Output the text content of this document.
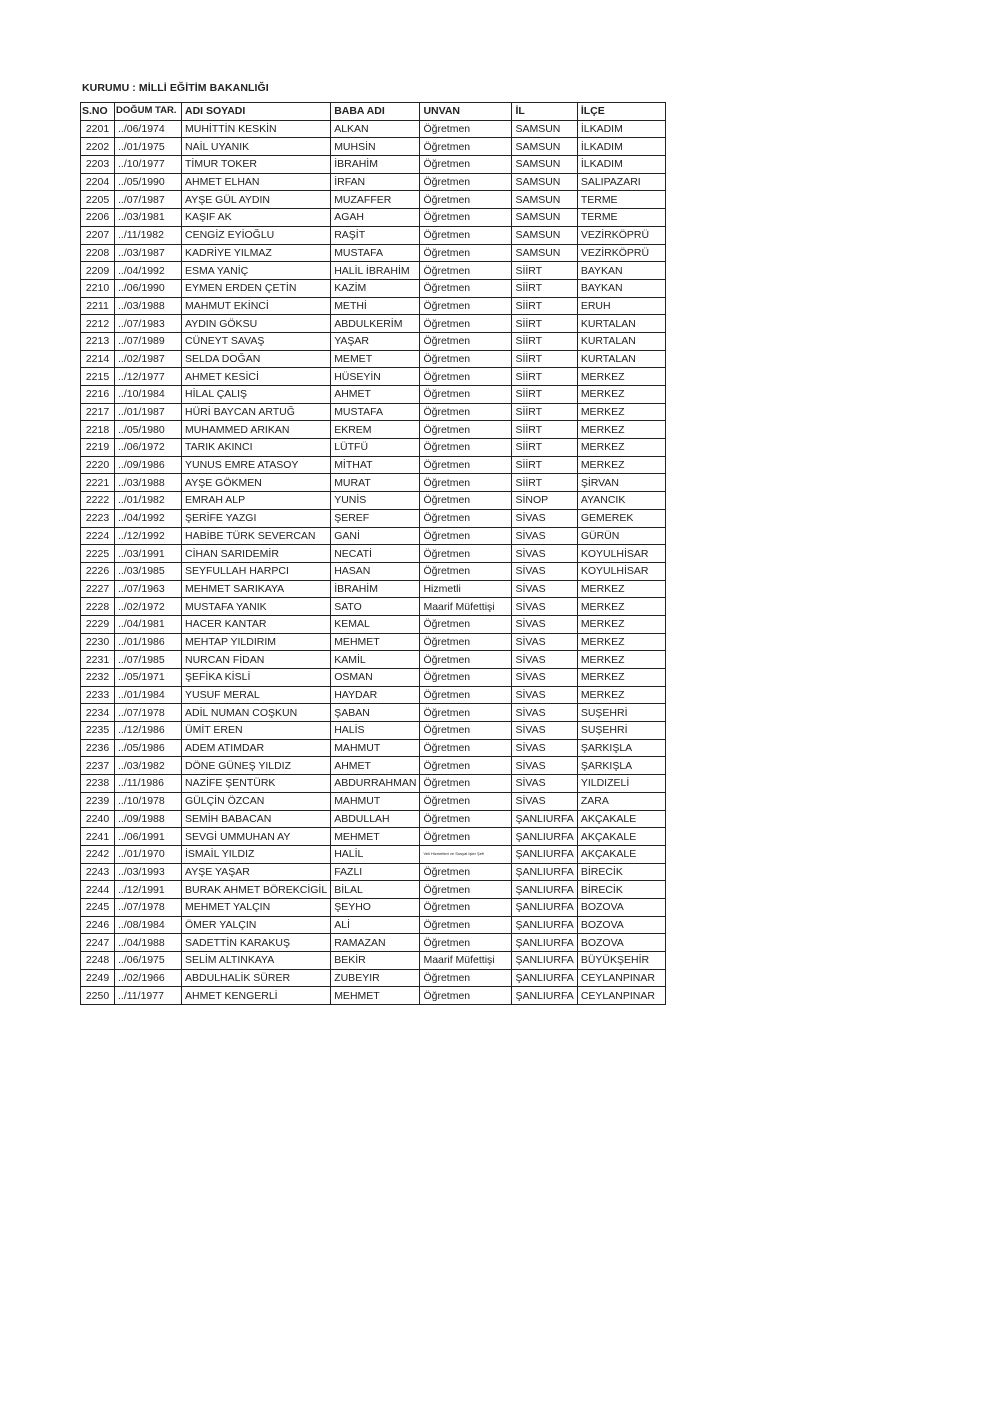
KURUMU : MİLLİ EĞİTİM BAKANLIĞI
S.NO	DOĞUM TAR.	ADI SOYADI	BABA ADI	UNVAN	İL	İLÇE
2201	../06/1974	MUHİTTİN KESKİN	ALKAN	Öğretmen	SAMSUN	İLKADIM
2202	../01/1975	NAİL UYANIK	MUHSİN	Öğretmen	SAMSUN	İLKADIM
2203	../10/1977	TİMUR TOKER	İBRAHİM	Öğretmen	SAMSUN	İLKADIM
2204	../05/1990	AHMET ELHAN	İRFAN	Öğretmen	SAMSUN	SALIPAZARI
2205	../07/1987	AYŞE GÜL AYDIN	MUZAFFER	Öğretmen	SAMSUN	TERME
2206	../03/1981	KAŞIF AK	AGAH	Öğretmen	SAMSUN	TERME
2207	../11/1982	CENGİZ EYİOĞLU	RAŞİT	Öğretmen	SAMSUN	VEZİRKÖPRÜ
2208	../03/1987	KADRİYE YILMAZ	MUSTAFA	Öğretmen	SAMSUN	VEZİRKÖPRÜ
2209	../04/1992	ESMA YANİÇ	HALİL İBRAHİM	Öğretmen	SİİRT	BAYKAN
2210	../06/1990	EYMEN ERDEN ÇETİN	KAZİM	Öğretmen	SİİRT	BAYKAN
2211	../03/1988	MAHMUT EKİNCİ	METHİ	Öğretmen	SİİRT	ERUH
2212	../07/1983	AYDIN GÖKSU	ABDULKERİM	Öğretmen	SİİRT	KURTALAN
2213	../07/1989	CÜNEYT SAVAŞ	YAŞAR	Öğretmen	SİİRT	KURTALAN
2214	../02/1987	SELDA DOĞAN	MEMET	Öğretmen	SİİRT	KURTALAN
2215	../12/1977	AHMET KESİCİ	HÜSEYİN	Öğretmen	SİİRT	MERKEZ
2216	../10/1984	HİLAL ÇALIŞ	AHMET	Öğretmen	SİİRT	MERKEZ
2217	../01/1987	HÜRİ BAYCAN ARTUĞ	MUSTAFA	Öğretmen	SİİRT	MERKEZ
2218	../05/1980	MUHAMMED ARIKAN	EKREM	Öğretmen	SİİRT	MERKEZ
2219	../06/1972	TARIK AKINCI	LÜTFÜ	Öğretmen	SİİRT	MERKEZ
2220	../09/1986	YUNUS EMRE ATASOY	MİTHAT	Öğretmen	SİİRT	MERKEZ
2221	../03/1988	AYŞE GÖKMEN	MURAT	Öğretmen	SİİRT	ŞİRVAN
2222	../01/1982	EMRAH ALP	YUNİS	Öğretmen	SİNOP	AYANCIK
2223	../04/1992	ŞERİFE YAZGI	ŞEREF	Öğretmen	SİVAS	GEMEREK
2224	../12/1992	HABİBE TÜRK SEVERCAN	GANİ	Öğretmen	SİVAS	GÜRÜN
2225	../03/1991	CİHAN SARIDEMİR	NECATİ	Öğretmen	SİVAS	KOYULHİSAR
2226	../03/1985	SEYFULLAH HARPCI	HASAN	Öğretmen	SİVAS	KOYULHİSAR
2227	../07/1963	MEHMET SARIKAYA	İBRAHİM	Hizmetli	SİVAS	MERKEZ
2228	../02/1972	MUSTAFA YANIK	SATO	Maarif Müfettişi	SİVAS	MERKEZ
2229	../04/1981	HACER KANTAR	KEMAL	Öğretmen	SİVAS	MERKEZ
2230	../01/1986	MEHTAP YILDIRIM	MEHMET	Öğretmen	SİVAS	MERKEZ
2231	../07/1985	NURCAN FİDAN	KAMİL	Öğretmen	SİVAS	MERKEZ
2232	../05/1971	ŞEFİKA KİSLİ	OSMAN	Öğretmen	SİVAS	MERKEZ
2233	../01/1984	YUSUF MERAL	HAYDAR	Öğretmen	SİVAS	MERKEZ
2234	../07/1978	ADİL NUMAN COŞKUN	ŞABAN	Öğretmen	SİVAS	SUŞEHRİ
2235	../12/1986	ÜMİT EREN	HALİS	Öğretmen	SİVAS	SUŞEHRİ
2236	../05/1986	ADEM ATIMDAR	MAHMUT	Öğretmen	SİVAS	ŞARKIŞLA
2237	../03/1982	DÖNE GÜNEŞ YILDIZ	AHMET	Öğretmen	SİVAS	ŞARKIŞLA
2238	../11/1986	NAZİFE ŞENTÜRK	ABDURRAHMAN	Öğretmen	SİVAS	YILDIZELİ
2239	../10/1978	GÜLÇİN ÖZCAN	MAHMUT	Öğretmen	SİVAS	ZARA
2240	../09/1988	SEMİH BABACAN	ABDULLAH	Öğretmen	ŞANLIURFA	AKÇAKALE
2241	../06/1991	SEVGİ UMMUHAN AY	MEHMET	Öğretmen	ŞANLIURFA	AKÇAKALE
2242	../01/1970	İSMAİL YILDIZ	HALİL	Veli Hizmetleri ve Sosyal İşler Şefi	ŞANLIURFA	AKÇAKALE
2243	../03/1993	AYŞE YAŞAR	FAZLI	Öğretmen	ŞANLIURFA	BİRECİK
2244	../12/1991	BURAK AHMET BÖREKCİGİL	BİLAL	Öğretmen	ŞANLIURFA	BİRECİK
2245	../07/1978	MEHMET YALÇIN	ŞEYHO	Öğretmen	ŞANLIURFA	BOZOVA
2246	../08/1984	ÖMER YALÇIN	ALİ	Öğretmen	ŞANLIURFA	BOZOVA
2247	../04/1988	SADETTİN KARAKUŞ	RAMAZAN	Öğretmen	ŞANLIURFA	BOZOVA
2248	../06/1975	SELİM ALTINKAYA	BEKİR	Maarif Müfettişi	ŞANLIURFA	BÜYÜKŞEHİR
2249	../02/1966	ABDULHALİK SÜRER	ZUBEYIR	Öğretmen	ŞANLIURFA	CEYLANPINAR
2250	../11/1977	AHMET KENGERLİ	MEHMET	Öğretmen	ŞANLIURFA	CEYLANPINAR
